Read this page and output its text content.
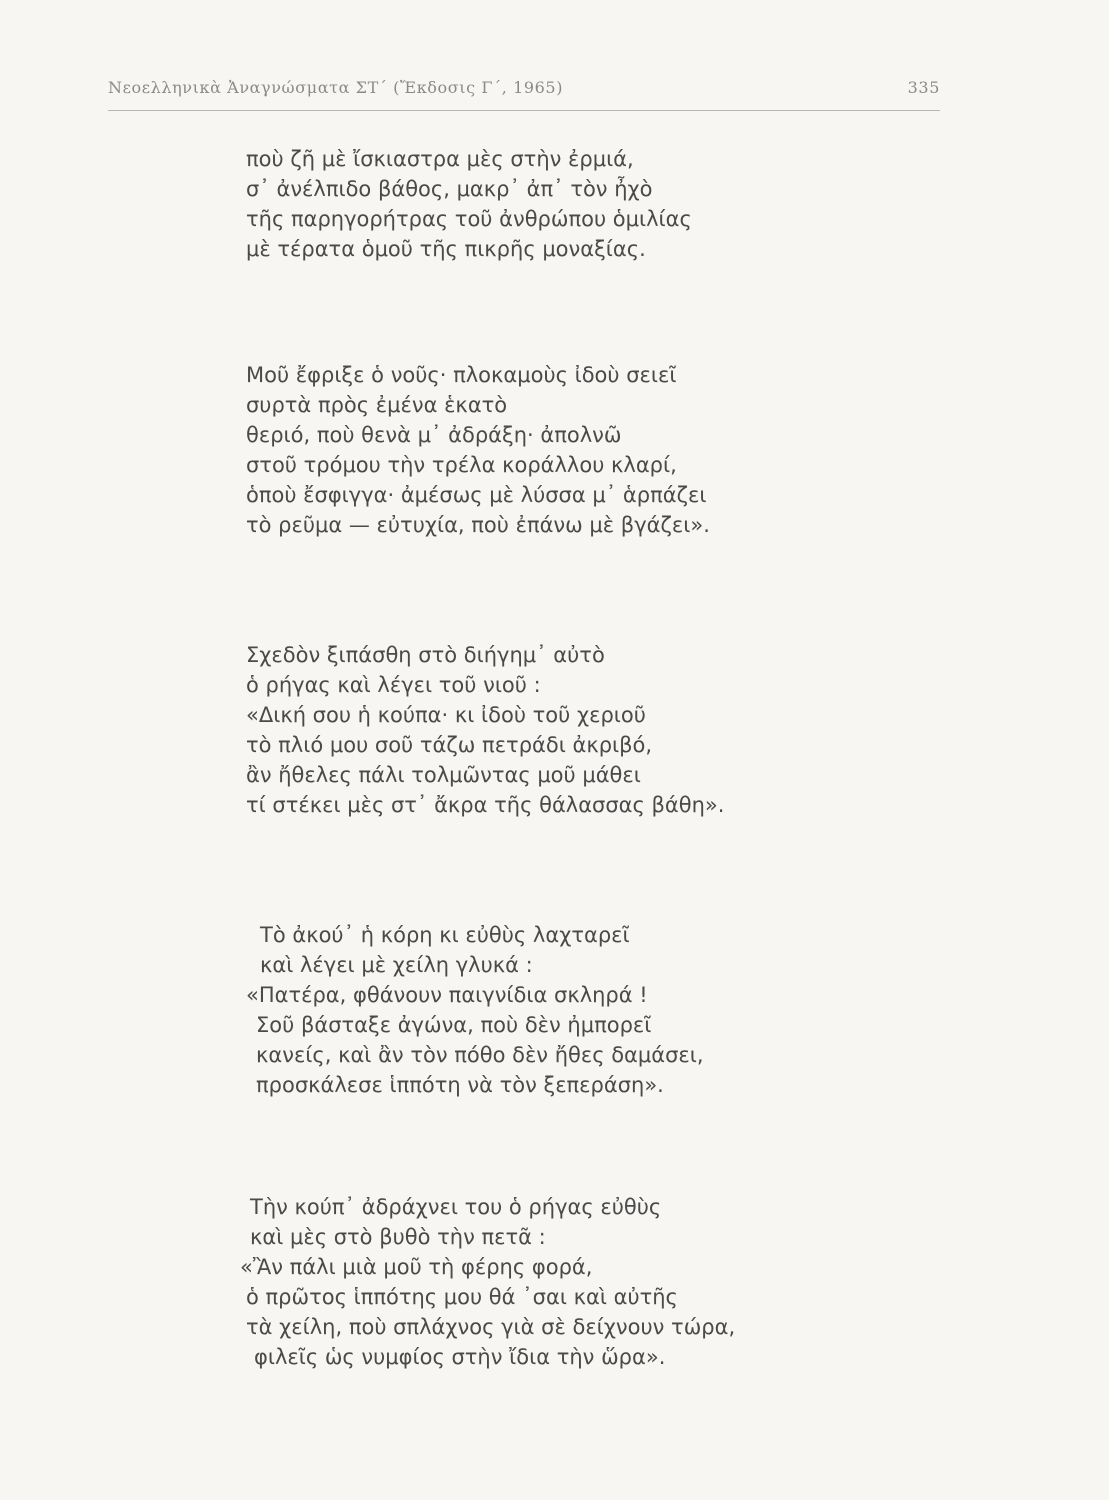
Νεοελληνικὰ Ἀναγνώσματα ΣΤ΄ (Ἔκδοσις Γ΄, 1965)	335
ποὺ ζῆ μὲ ἴσκιαστρα μὲς στὴν ἐρμιά,
σ᾿ ἀνέλπιδο βάθος, μακρ᾿ ἀπ᾿ τὸν ἦχὸ
τῆς παρηγορήτρας τοῦ ἀνθρώπου ὁμιλίας
μὲ τέρατα ὁμοῦ τῆς πικρῆς μοναξίας.
Μοῦ ἔφριξε ὁ νοῦς· πλοκαμοὺς ἰδοὺ σειεῖ
συρτὰ πρὸς ἐμένα ἑκατὸ
θεριό, ποὺ θενὰ μ᾿ ἀδράξη· ἀπολνῶ
στοῦ τρόμου τὴν τρέλα κοράλλου κλαρί,
ὁποὺ ἔσφιγγα· ἀμέσως μὲ λύσσα μ᾿ ἁρπάζει
τὸ ρεῦμα — εὐτυχία, ποὺ ἐπάνω μὲ βγάζει».
Σχεδὸν ξιπάσθη στὸ διήγημ᾿ αὐτὸ
ὁ ρήγας καὶ λέγει τοῦ νιοῦ :
«Δική σου ἡ κούπα· κι ἰδοὺ τοῦ χεριοῦ
τὸ πλιό μου σοῦ τάζω πετράδι ἀκριβό,
ἂν ἤθελες πάλι τολμῶντας μοῦ μάθει
τί στέκει μὲς στ᾿ ἄκρα τῆς θάλασσας βάθη».
Τὸ ἀκού᾿ ἡ κόρη κι εὐθὺς λαχταρεῖ
καὶ λέγει μὲ χείλη γλυκά :
«Πατέρα, φθάνουν παιγνίδια σκληρά !
Σοῦ βάσταξε ἀγώνα, ποὺ δὲν ἠμπορεῖ
κανείς, καὶ ἂν τὸν πόθο δὲν ἤθες δαμάσει,
προσκάλεσε ἱππότη νὰ τὸν ξεπεράση».
Τὴν κούπ᾿ ἀδράχνει του ὁ ρήγας εὐθὺς
καὶ μὲς στὸ βυθὸ τὴν πετᾶ :
«Ἂν πάλι μιὰ μοῦ τὴ φέρης φορά,
ὁ πρῶτος ἱππότης μου θά ᾿σαι καὶ αὐτῆς
τὰ χείλη, ποὺ σπλάχνος γιὰ σὲ δείχνουν τώρα,
φιλεῖς ὡς νυμφίος στὴν ἴδια τὴν ὥρα».
